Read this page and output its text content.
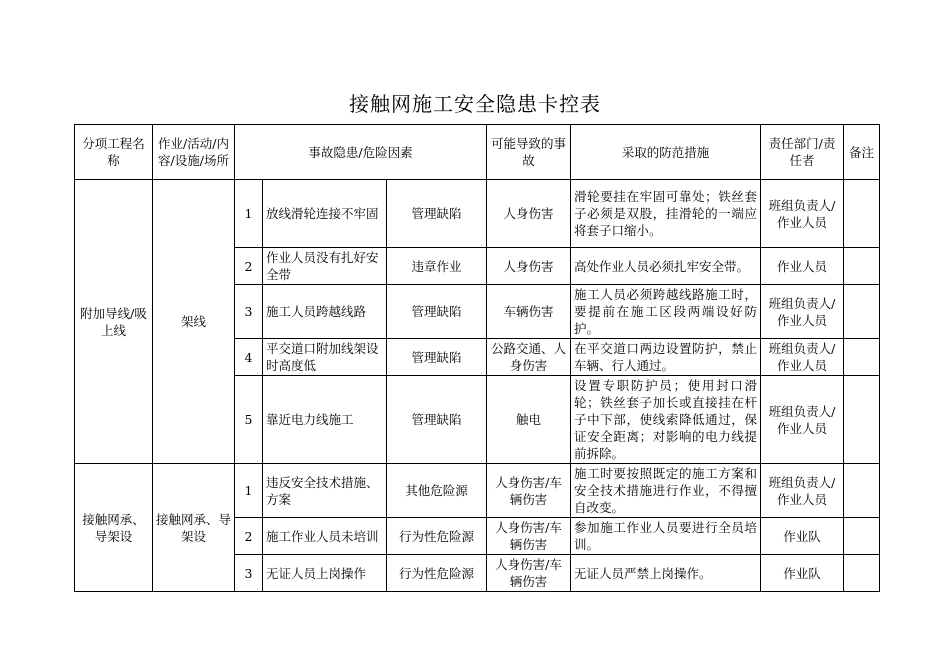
接触网施工安全隐患卡控表
分项工程名称	作业/活动/内容/设施/场所	事故隐患/危险因素			可能导致的事故	采取的防范措施	责任部门/责任者	备注
附加导线/吸上线	架线	1	放线滑轮连接不牢固	管理缺陷	人身伤害	滑轮要挂在牢固可靠处；铁丝套子必须是双股，挂滑轮的一端应将套子口缩小。	班组负责人/作业人员	
		2	作业人员没有扎好安全带	违章作业	人身伤害	高处作业人员必须扎牢安全带。	作业人员	
		3	施工人员跨越线路	管理缺陷	车辆伤害	施工人员必须跨越线路施工时，要提前在施工区段两端设好防护。	班组负责人/作业人员	
		4	平交道口附加线架设时高度低	管理缺陷	公路交通、人身伤害	在平交道口两边设置防护，禁止车辆、行人通过。	班组负责人/作业人员	
		5	靠近电力线施工	管理缺陷	触电	设置专职防护员；使用封口滑轮；铁丝套子加长或直接挂在杆子中下部，使线索降低通过，保证安全距离；对影响的电力线提前拆除。	班组负责人/作业人员	
接触网承、导架设	接触网承、导架设	1	违反安全技术措施、方案	其他危险源	人身伤害/车辆伤害	施工时要按照既定的施工方案和安全技术措施进行作业，不得擅自改变。	班组负责人/作业人员	
		2	施工作业人员未培训	行为性危险源	人身伤害/车辆伤害	参加施工作业人员要进行全员培训。	作业队	
		3	无证人员上岗操作	行为性危险源	人身伤害/车辆伤害	无证人员严禁上岗操作。	作业队	
